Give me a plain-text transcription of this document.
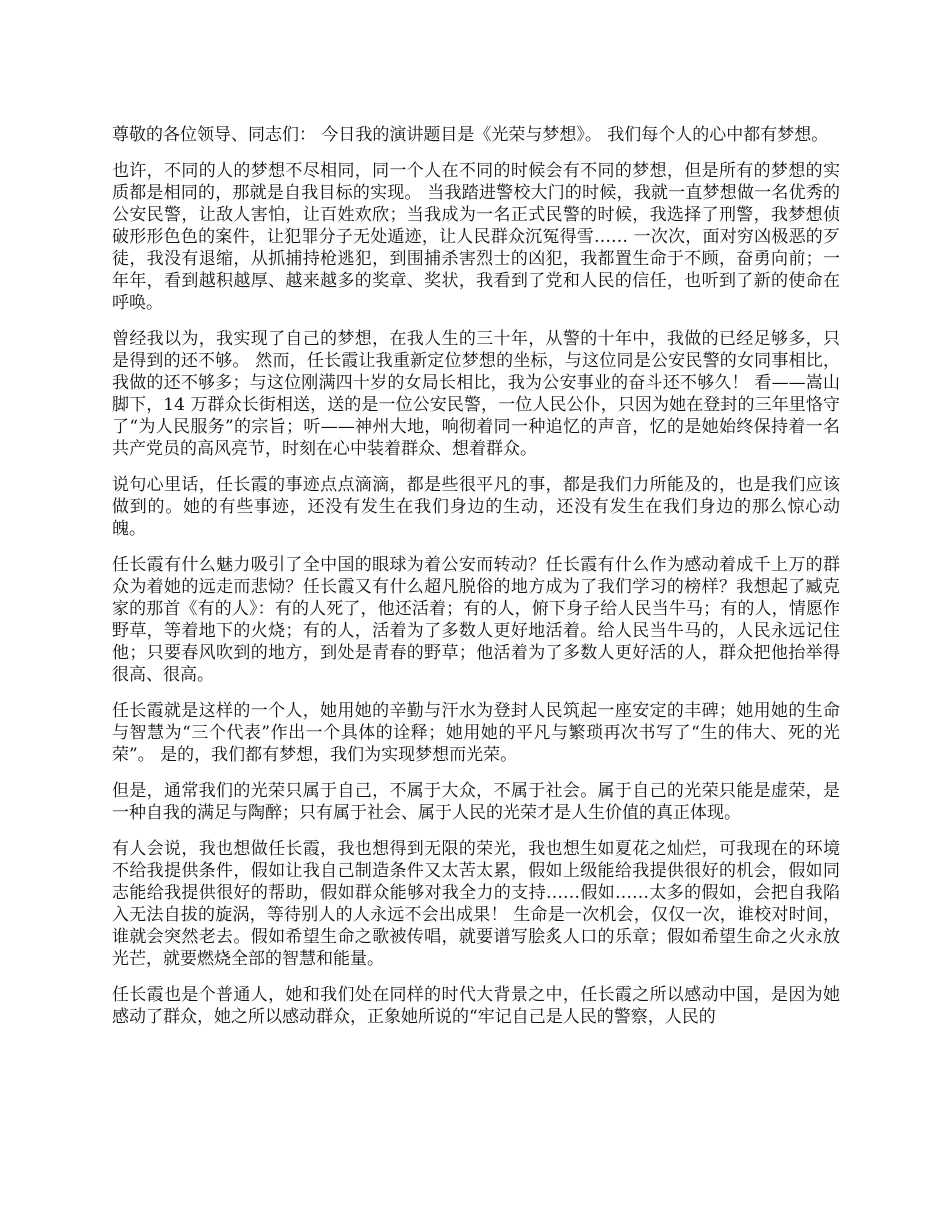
尊敬的各位领导、同志们： 今日我的演讲题目是《光荣与梦想》。 我们每个人的心中都有梦想。

也许，不同的人的梦想不尽相同，同一个人在不同的时候会有不同的梦想，但是所有的梦想的实质都是相同的，那就是自我目标的实现。 当我踏进警校大门的时候，我就一直梦想做一名优秀的公安民警，让敌人害怕，让百姓欢欣；当我成为一名正式民警的时候，我选择了刑警，我梦想侦破形形色色的案件，让犯罪分子无处遁迹，让人民群众沉冤得雪…… 一次次，面对穷凶极恶的歹徒，我没有退缩，从抓捕持枪逃犯，到围捕杀害烈士的凶犯，我都置生命于不顾，奋勇向前；一年年，看到越积越厚、越来越多的奖章、奖状，我看到了党和人民的信任，也听到了新的使命在呼唤。

曾经我以为，我实现了自己的梦想，在我人生的三十年，从警的十年中，我做的已经足够多，只是得到的还不够。 然而，任长霞让我重新定位梦想的坐标，与这位同是公安民警的女同事相比，我做的还不够多；与这位刚满四十岁的女局长相比，我为公安事业的奋斗还不够久！ 看——嵩山脚下，14 万群众长街相送，送的是一位公安民警，一位人民公仆，只因为她在登封的三年里恪守了“为人民服务”的宗旨；听——神州大地，响彻着同一种追忆的声音，忆的是她始终保持着一名共产党员的高风亮节，时刻在心中装着群众、想着群众。

说句心里话，任长霞的事迹点点滴滴，都是些很平凡的事，都是我们力所能及的，也是我们应该做到的。她的有些事迹，还没有发生在我们身边的生动，还没有发生在我们身边的那么惊心动魄。

任长霞有什么魅力吸引了全中国的眼球为着公安而转动？任长霞有什么作为感动着成千上万的群众为着她的远走而悲恸？任长霞又有什么超凡脱俗的地方成为了我们学习的榜样？我想起了臧克家的那首《有的人》：有的人死了，他还活着；有的人，俯下身子给人民当牛马；有的人，情愿作野草，等着地下的火烧；有的人，活着为了多数人更好地活着。给人民当牛马的，人民永远记住他；只要春风吹到的地方，到处是青春的野草；他活着为了多数人更好活的人，群众把他抬举得很高、很高。

任长霞就是这样的一个人，她用她的辛勤与汗水为登封人民筑起一座安定的丰碑；她用她的生命与智慧为“三个代表”作出一个具体的诠释；她用她的平凡与繁琐再次书写了“生的伟大、死的光荣”。 是的，我们都有梦想，我们为实现梦想而光荣。

但是，通常我们的光荣只属于自己，不属于大众，不属于社会。属于自己的光荣只能是虚荣，是一种自我的满足与陶醉；只有属于社会、属于人民的光荣才是人生价值的真正体现。

有人会说，我也想做任长霞，我也想得到无限的荣光，我也想生如夏花之灿烂，可我现在的环境不给我提供条件，假如让我自己制造条件又太苦太累，假如上级能给我提供很好的机会，假如同志能给我提供很好的帮助，假如群众能够对我全力的支持……假如……太多的假如，会把自我陷入无法自拔的旋涡，等待别人的人永远不会出成果！ 生命是一次机会，仅仅一次，谁校对时间，谁就会突然老去。假如希望生命之歌被传唱，就要谱写脍炙人口的乐章；假如希望生命之火永放光芒，就要燃烧全部的智慧和能量。

任长霞也是个普通人，她和我们处在同样的时代大背景之中，任长霞之所以感动中国，是因为她感动了群众，她之所以感动群众，正象她所说的“牢记自己是人民的警察，人民的
